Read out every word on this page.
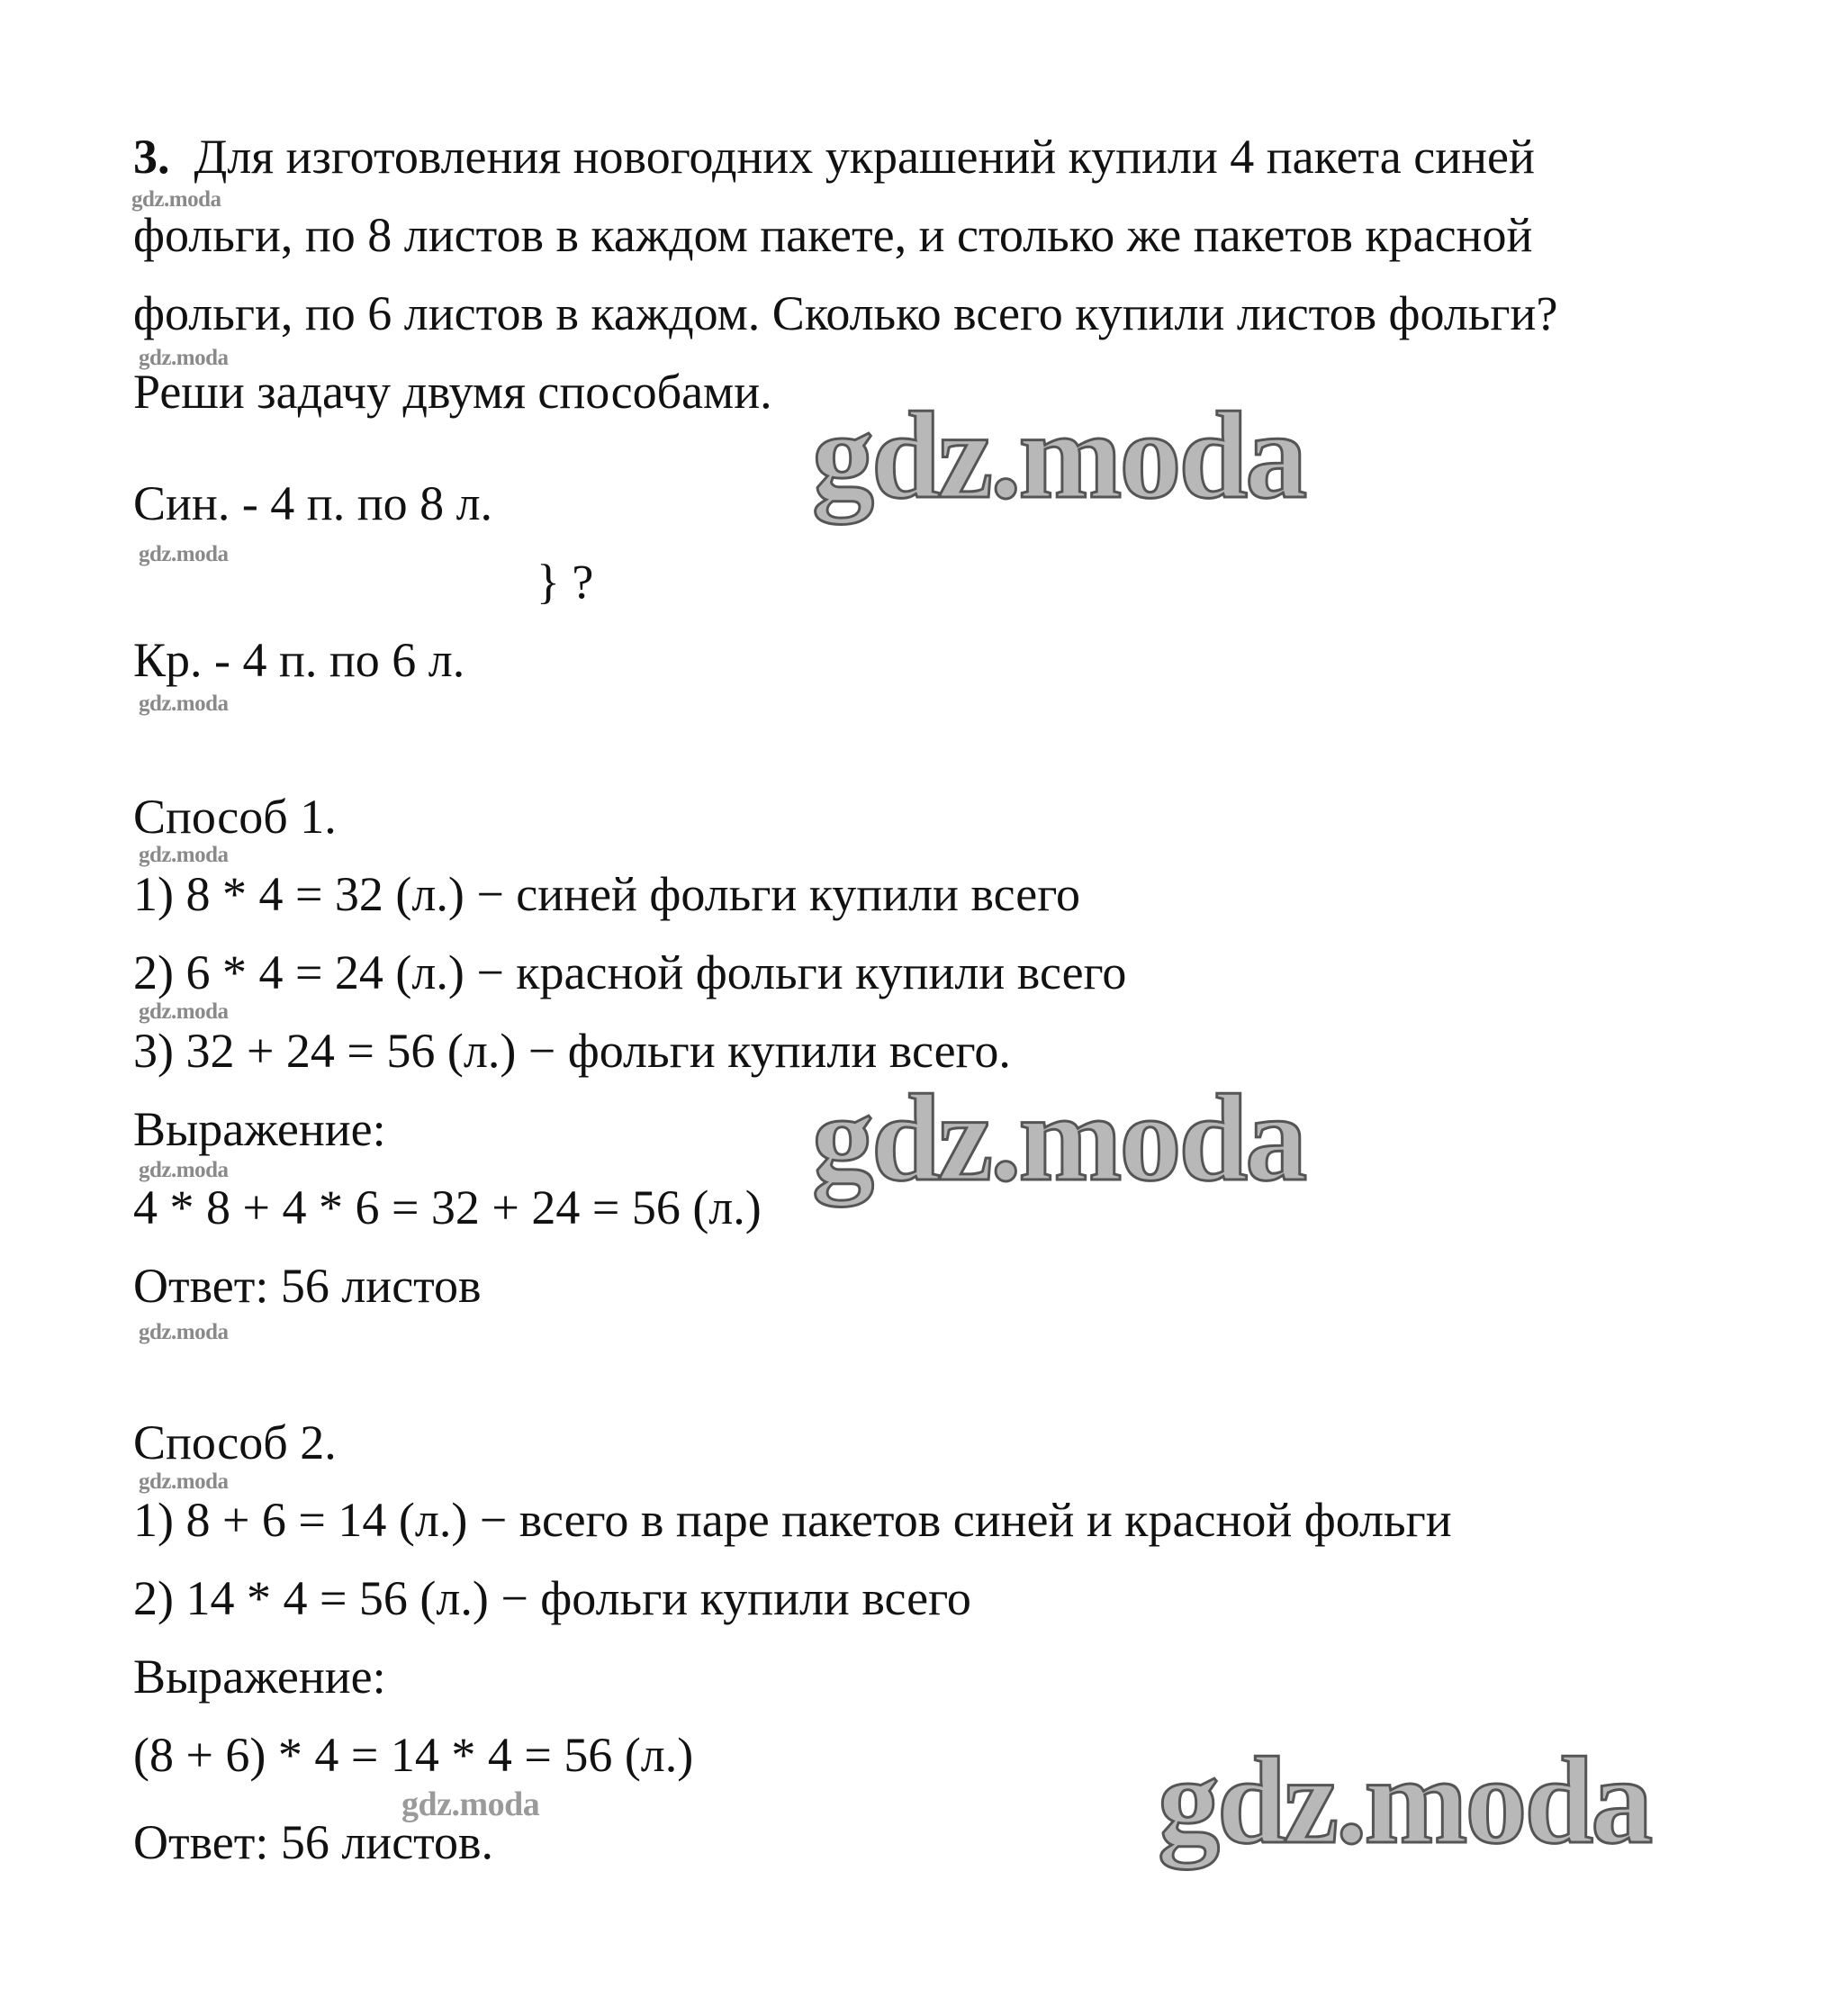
3. Для изготовления новогодних украшений купили 4 пакета синей
фольги, по 8 листов в каждом пакете, и столько же пакетов красной
фольги, по 6 листов в каждом. Сколько всего купили листов фольги?
Реши задачу двумя способами.
Син. - 4 п. по 8 л.
} ?
Кр. - 4 п. по 6 л.
Способ 1.
1) 8 * 4 = 32 (л.) − синей фольги купили всего
2) 6 * 4 = 24 (л.) − красной фольги купили всего
3) 32 + 24 = 56 (л.) − фольги купили всего.
Выражение:
4 * 8 + 4 * 6 = 32 + 24 = 56 (л.)
Ответ: 56 листов
Способ 2.
1) 8 + 6 = 14 (л.) − всего в паре пакетов синей и красной фольги
2) 14 * 4 = 56 (л.) − фольги купили всего
Выражение:
(8 + 6) * 4 = 14 * 4 = 56 (л.)
Ответ: 56 листов.
gdz.moda
gdz.moda
gdz.moda
gdz.moda
gdz.moda
gdz.moda
gdz.moda
gdz.moda
gdz.moda
gdz.moda
gdz.moda
gdz.moda
gdz.moda
